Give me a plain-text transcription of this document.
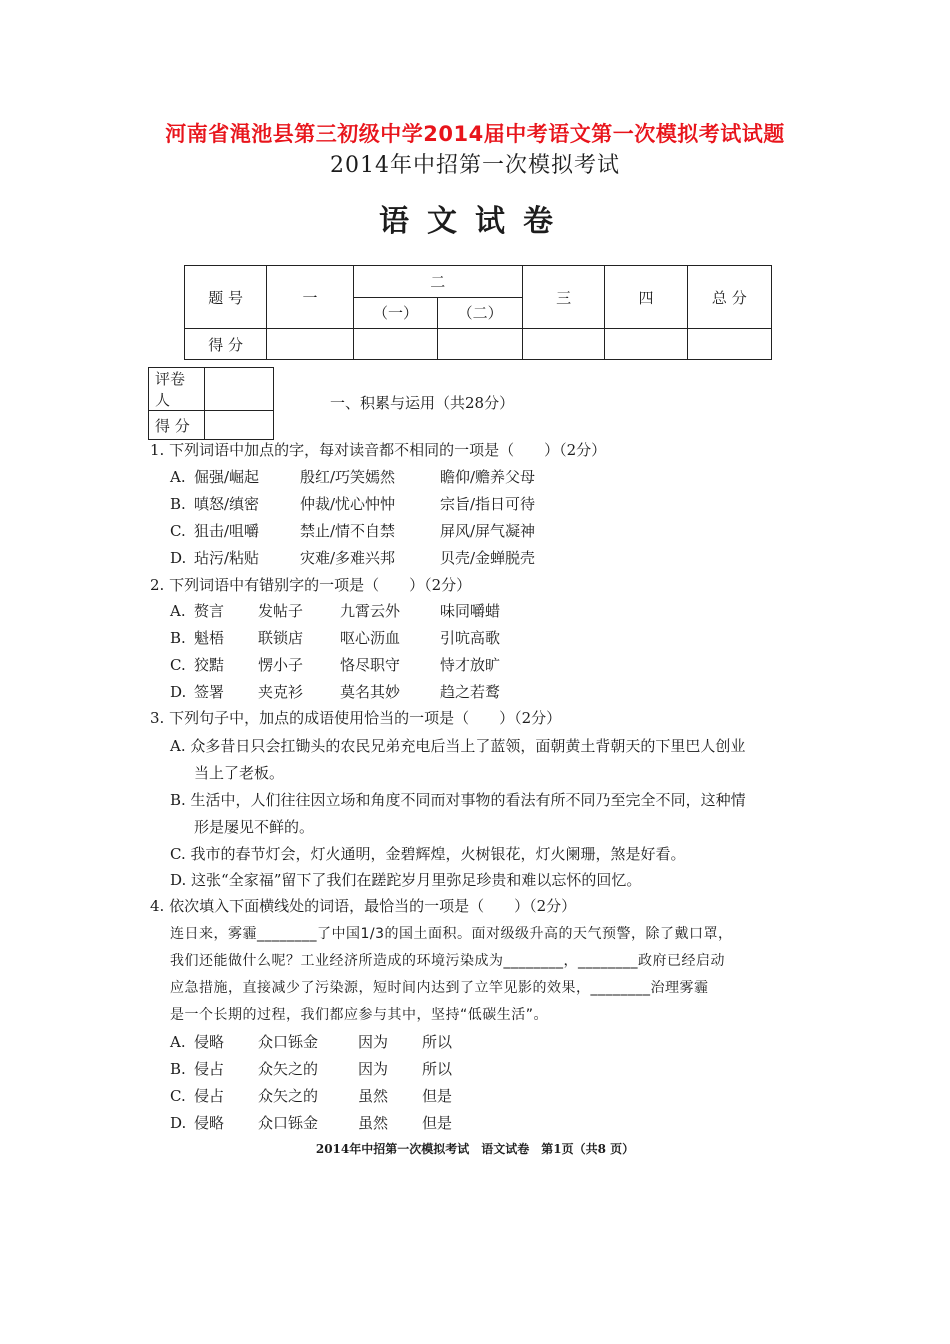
河南省渑池县第三初级中学2014届中考语文第一次模拟考试试题
2014年中招第一次模拟考试
语文试卷
题 号	一	二		三	四	总 分
		（一）	（二）			
得 分						
评卷人	
得 分	
一、积累与运用（共28分）
1. 下列词语中加点的字，每对读音都不相同的一项是（　　）（2分）
A. 倔强/崛起	殷红/巧笑嫣然	瞻仰/赡养父母
B. 嗔怒/缜密	仲裁/忧心忡忡	宗旨/指日可待
C. 狙击/咀嚼	禁止/情不自禁	屏风/屏气凝神
D. 玷污/粘贴	灾难/多难兴邦	贝壳/金蝉脱壳
2. 下列词语中有错别字的一项是（　　）（2分）
A. 赘言 发帖子 九霄云外	味同嚼蜡
B. 魁梧 联锁店 呕心沥血	引吭高歌
C. 狡黠 愣小子 恪尽职守	恃才放旷
D. 签署 夹克衫 莫名其妙	趋之若鹜
3. 下列句子中，加点的成语使用恰当的一项是（　　）（2分）
A. 众多昔日只会扛锄头的农民兄弟充电后当上了蓝领，面朝黄土背朝天的下里巴人创业
当上了老板。
B. 生活中，人们往往因立场和角度不同而对事物的看法有所不同乃至完全不同，这种情
形是屡见不鲜的。
C. 我市的春节灯会，灯火通明，金碧辉煌，火树银花，灯火阑珊，煞是好看。
D. 这张“全家福”留下了我们在蹉跎岁月里弥足珍贵和难以忘怀的回忆。
4. 依次填入下面横线处的词语，最恰当的一项是（　　）（2分）
连日来，雾霾________了中国1/3的国土面积。面对级级升高的天气预警，除了戴口罩，
我们还能做什么呢？工业经济所造成的环境污染成为________，________政府已经启动
应急措施，直接减少了污染源，短时间内达到了立竿见影的效果，________治理雾霾
是一个长期的过程，我们都应参与其中，坚持“低碳生活”。
A. 侵略 众口铄金	因为 所以
B. 侵占 众矢之的	因为 所以
C. 侵占 众矢之的	虽然 但是
D. 侵略 众口铄金	虽然 但是
2014年中招第一次模拟考试　语文试卷　第1页（共8 页）
